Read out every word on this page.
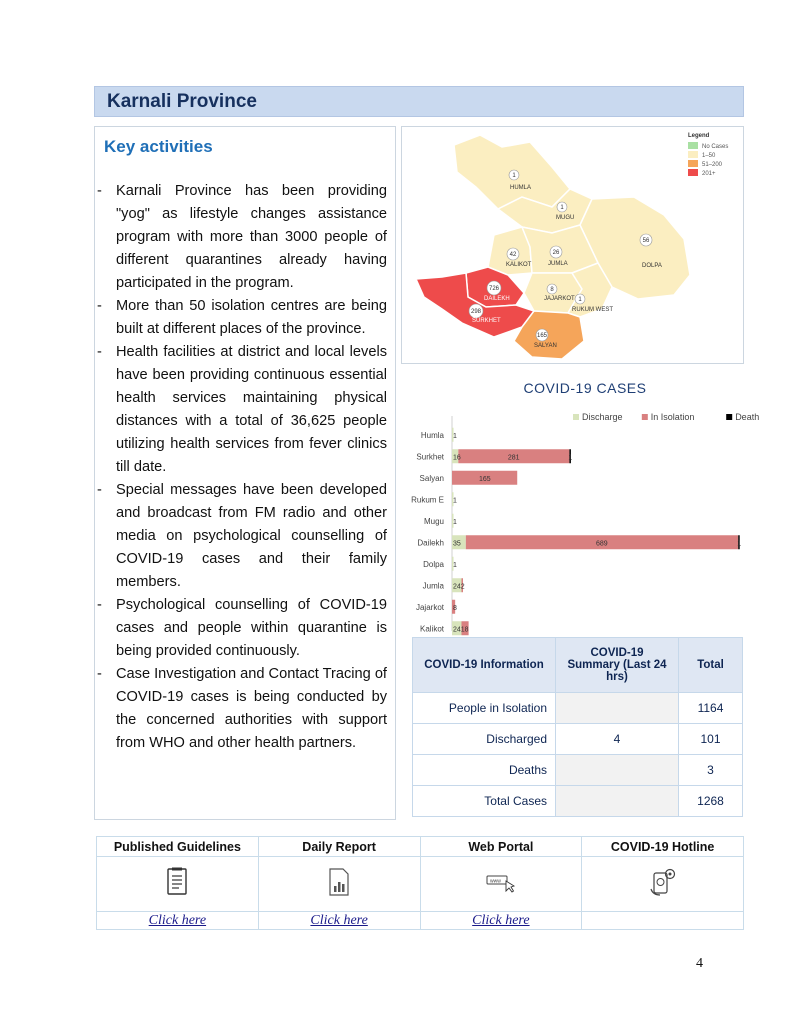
Karnali Province
Key activities
- Karnali Province has been providing "yog" as lifestyle changes assistance program with more than 3000 people of different quarantines already having participated in the program.
- More than 50 isolation centres are being built at different places of the province.
- Health facilities at district and local levels have been providing continuous essential health services maintaining physical distances with a total of 36,625 people utilizing health services from fever clinics till date.
- Special messages have been developed and broadcast from FM radio and other media on psychological counselling of COVID-19 cases and their family members.
- Psychological counselling of COVID-19 cases and people within quarantine is being provided continuously.
- Case Investigation and Contact Tracing of COVID-19 cases is being conducted by the concerned authorities with support from WHO and other health partners.
Legend
No Cases
1–50
51–200
201+
1
HUMLA
1
MUGU
56
DOLPA
42
KALIKOT
26
JUMLA
726
DAILEKH
8
JAJARKOT 1
RUKUM WEST
298
SURKHET
165
SALYAN
COVID-19 CASES
Discharge	In Isolation	Death
Humla 1
Surkhet 16	281	1
Salyan	165
Rukum E 1
Mugu 1
Dailekh 35	689	1
Dolpa 1
Jumla 242
Jajarkot 8
Kalikot 2418
COVID-19 Information	COVID-19 Summary (Last 24 hrs)	Total
People in Isolation		1164
Discharged	4	101
Deaths		3
Total Cases		1268
Published Guidelines	Daily Report	Web Portal	COVID-19 Hotline

www

Click here	Click here	Click here	
4
